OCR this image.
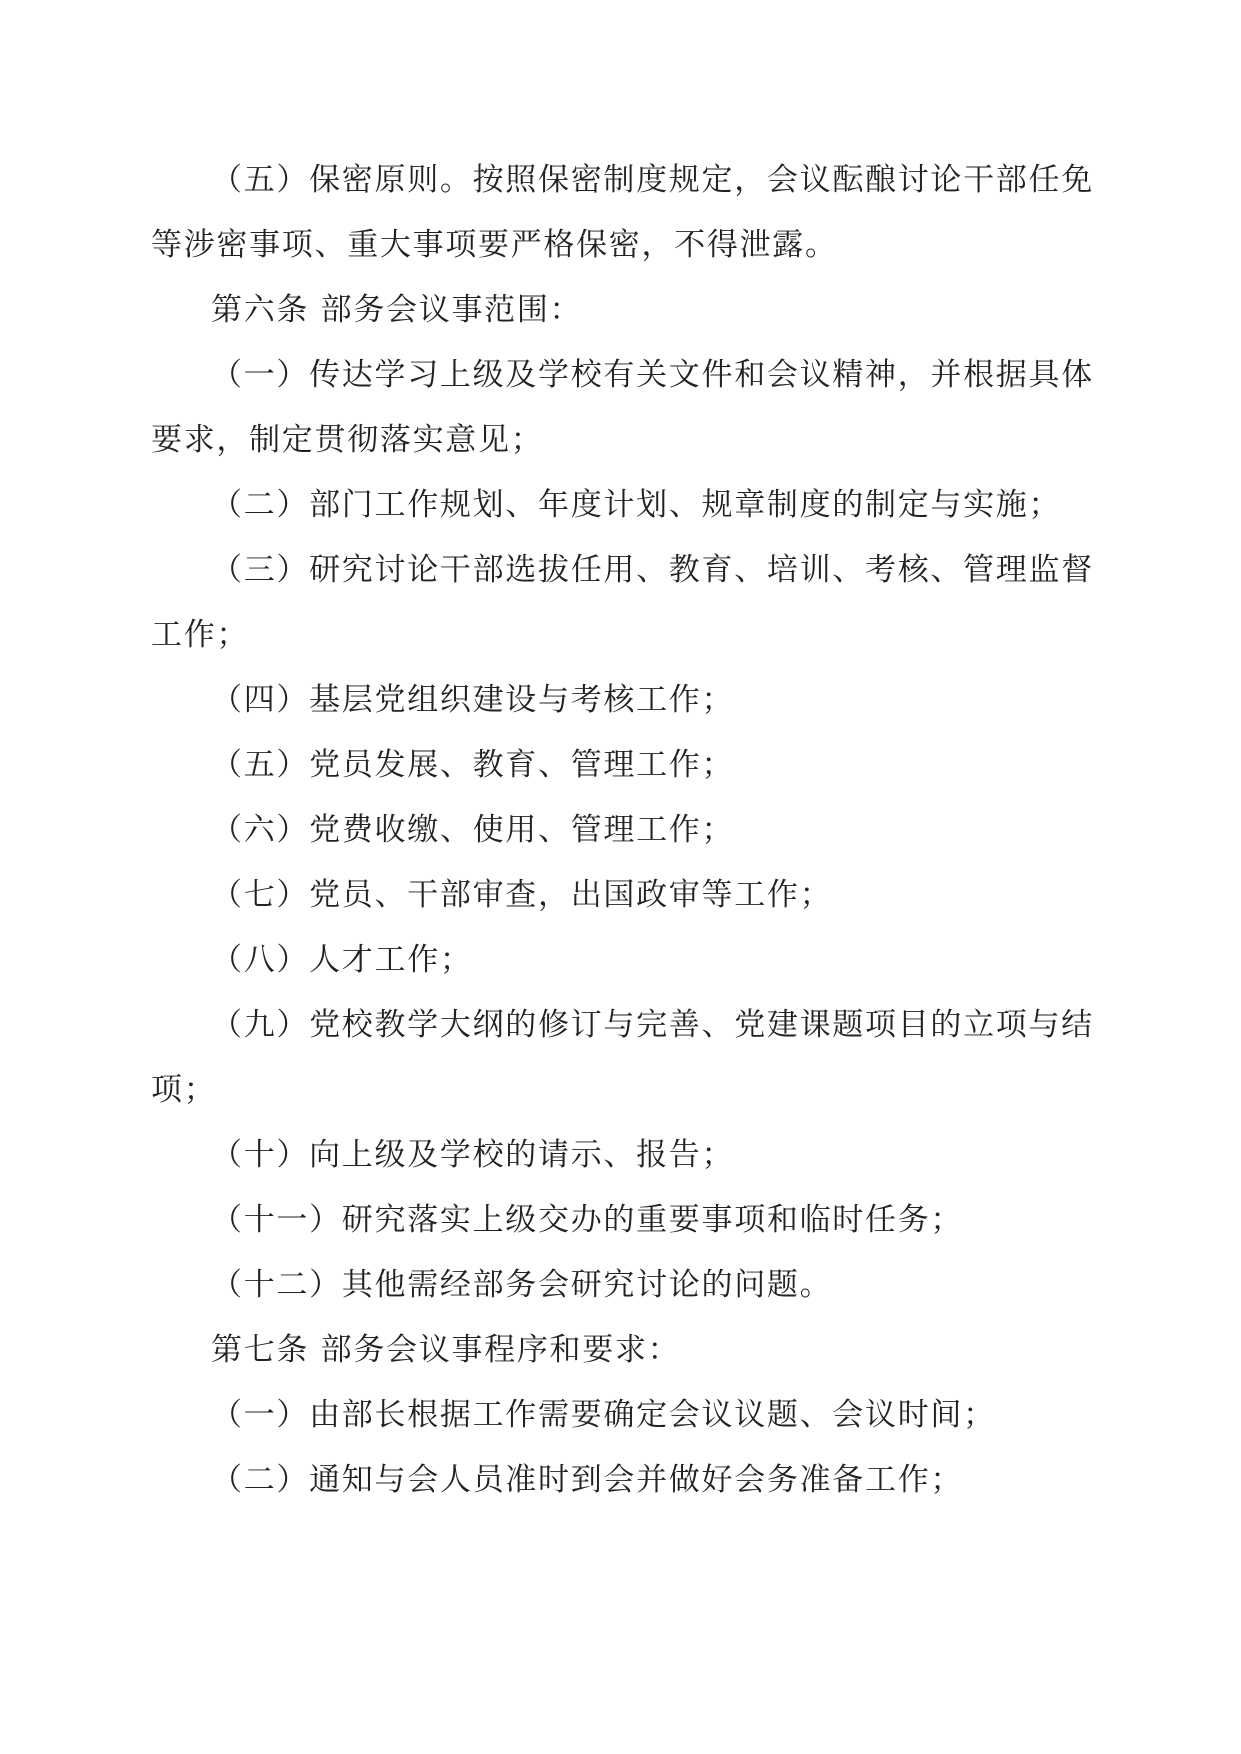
（五）保密原则。按照保密制度规定，会议酝酿讨论干部任免
等涉密事项、重大事项要严格保密，不得泄露。
第六条 部务会议事范围：
（一）传达学习上级及学校有关文件和会议精神，并根据具体
要求，制定贯彻落实意见；
（二）部门工作规划、年度计划、规章制度的制定与实施；
（三）研究讨论干部选拔任用、教育、培训、考核、管理监督
工作；
（四）基层党组织建设与考核工作；
（五）党员发展、教育、管理工作；
（六）党费收缴、使用、管理工作；
（七）党员、干部审查，出国政审等工作；
（八）人才工作；
（九）党校教学大纲的修订与完善、党建课题项目的立项与结
项；
（十）向上级及学校的请示、报告；
（十一）研究落实上级交办的重要事项和临时任务；
（十二）其他需经部务会研究讨论的问题。
第七条 部务会议事程序和要求：
（一）由部长根据工作需要确定会议议题、会议时间；
（二）通知与会人员准时到会并做好会务准备工作；
